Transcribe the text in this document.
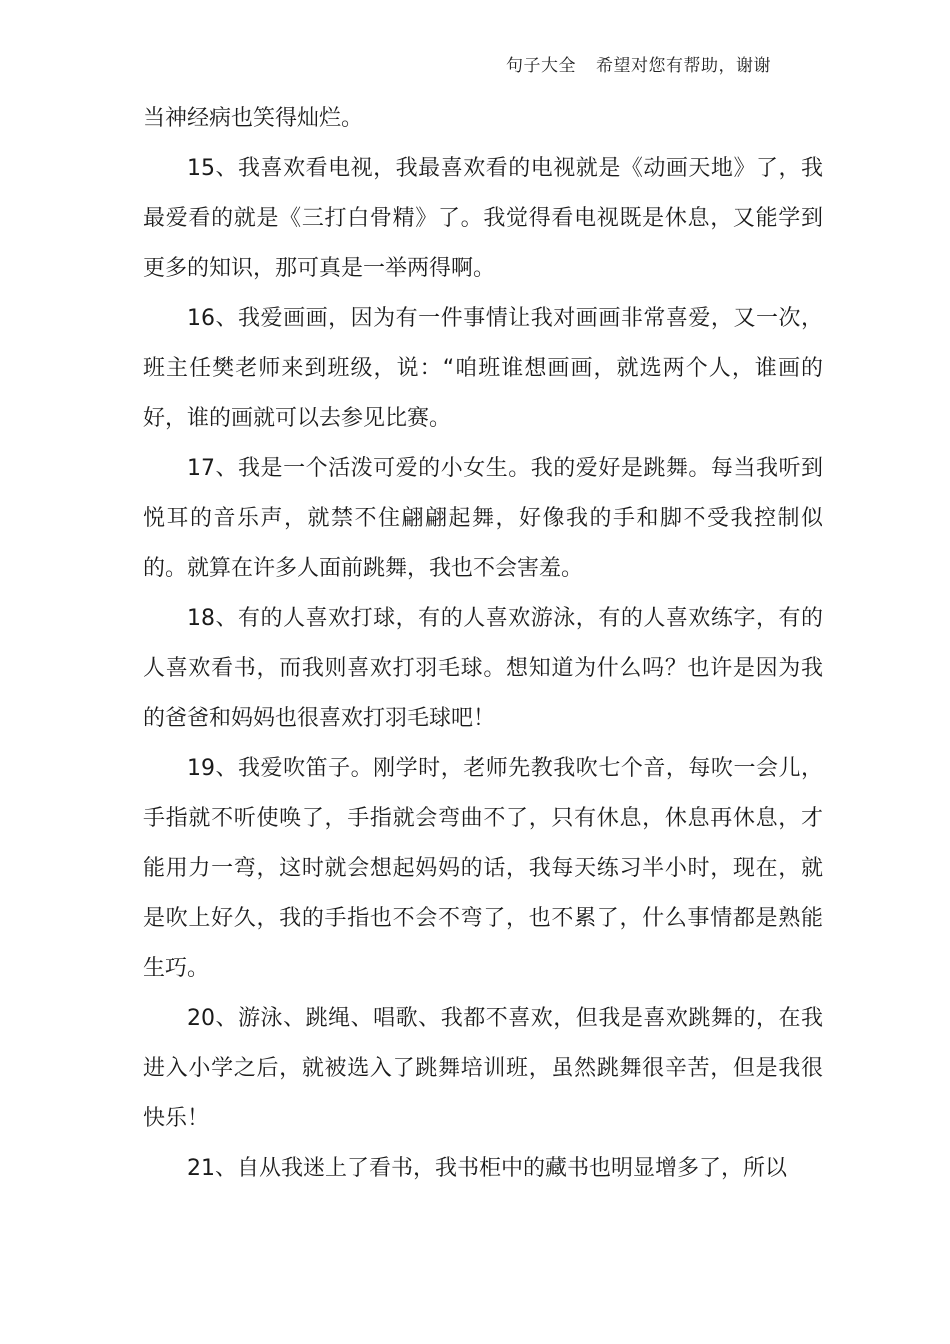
句子大全 希望对您有帮助，谢谢

当神经病也笑得灿烂。

15、我喜欢看电视，我最喜欢看的电视就是《动画天地》了，我最爱看的就是《三打白骨精》了。我觉得看电视既是休息，又能学到更多的知识，那可真是一举两得啊。

16、我爱画画，因为有一件事情让我对画画非常喜爱，又一次，班主任樊老师来到班级，说：“咱班谁想画画，就选两个人，谁画的好，谁的画就可以去参见比赛。

17、我是一个活泼可爱的小女生。我的爱好是跳舞。每当我听到悦耳的音乐声，就禁不住翩翩起舞，好像我的手和脚不受我控制似的。就算在许多人面前跳舞，我也不会害羞。

18、有的人喜欢打球，有的人喜欢游泳，有的人喜欢练字，有的人喜欢看书，而我则喜欢打羽毛球。想知道为什么吗？也许是因为我的爸爸和妈妈也很喜欢打羽毛球吧！

19、我爱吹笛子。刚学时，老师先教我吹七个音，每吹一会儿，手指就不听使唤了，手指就会弯曲不了，只有休息，休息再休息，才能用力一弯，这时就会想起妈妈的话，我每天练习半小时，现在，就是吹上好久，我的手指也不会不弯了，也不累了，什么事情都是熟能生巧。

20、游泳、跳绳、唱歌、我都不喜欢，但我是喜欢跳舞的，在我进入小学之后，就被选入了跳舞培训班，虽然跳舞很辛苦，但是我很快乐！

21、自从我迷上了看书，我书柜中的藏书也明显增多了，所以
